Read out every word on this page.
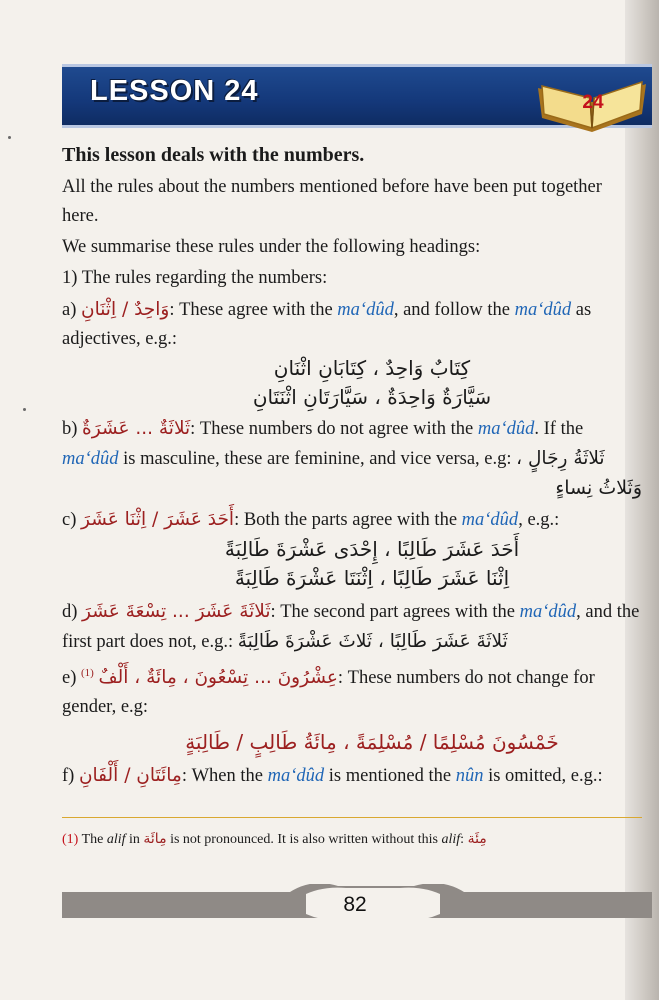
LESSON 24	24

This lesson deals with the numbers.

All the rules about the numbers mentioned before have been put together here.

We summarise these rules under the following headings:

1) The rules regarding the numbers:

a) وَاحِدٌ / اِثْنَانِ: These agree with the ma‘dûd, and follow the ma‘dûd as adjectives, e.g.:

كِتَابٌ وَاحِدٌ ، كِتَابَانِ اثْنَانِ
سَيَّارَةٌ وَاحِدَةٌ ، سَيَّارَتَانِ اثْنَتَانِ

b) ثَلاثَةٌ ... عَشَرَةٌ: These numbers do not agree with the ma‘dûd. If the ma‘dûd is masculine, these are feminine, and vice versa, e.g: ثَلاثَةُ رِجَالٍ ،

وَثَلاثُ نِساءٍ

c) أَحَدَ عَشَرَ / اِثْنَا عَشَرَ: Both the parts agree with the ma‘dûd, e.g.:

أَحَدَ عَشَرَ طَالِبًا ، إِحْدَى عَشْرَةَ طَالِبَةً
اِثْنَا عَشَرَ طَالِبًا ، اِثْنَتَا عَشْرَةَ طَالِبَةً

d) ثَلاثَةَ عَشَرَ ... تِسْعَةَ عَشَرَ: The second part agrees with the ma‘dûd, and the first part does not, e.g.: ثَلاثَةَ عَشَرَ طَالِبًا ، ثَلاثَ عَشْرَةَ طَالِبَةً

e) عِشْرُونَ ... تِسْعُونَ ، مِائَةٌ ، أَلْفٌ $^{(1)}$	: These numbers do not change for gender, e.g:

خَمْسُونَ مُسْلِمًا / مُسْلِمَةً ، مِائَةُ طَالِبٍ / طَالِبَةٍ

f) مِائَتَانِ / أَلْفَانِ: When the ma‘dûd is mentioned the nûn is omitted, e.g.:

(1) The alif in مِائَة is not pronounced. It is also written without this alif: مِئَة
82
